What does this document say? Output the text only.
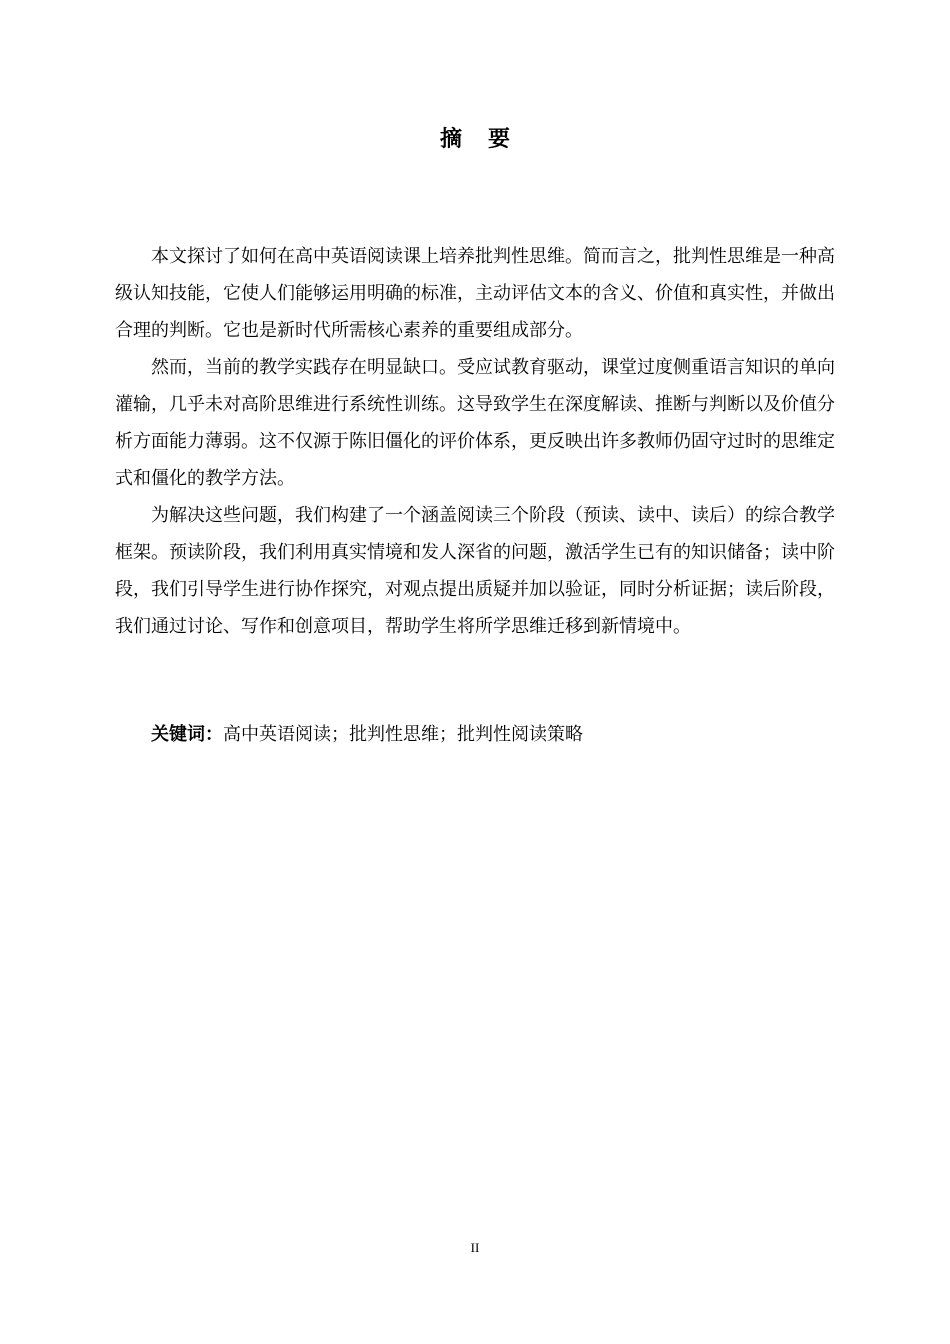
摘要

本文探讨了如何在高中英语阅读课上培养批判性思维。简而言之，批判性思维是一种高级认知技能，它使人们能够运用明确的标准，主动评估文本的含义、价值和真实性，并做出合理的判断。它也是新时代所需核心素养的重要组成部分。

然而，当前的教学实践存在明显缺口。受应试教育驱动，课堂过度侧重语言知识的单向灌输，几乎未对高阶思维进行系统性训练。这导致学生在深度解读、推断与判断以及价值分析方面能力薄弱。这不仅源于陈旧僵化的评价体系，更反映出许多教师仍固守过时的思维定式和僵化的教学方法。

为解决这些问题，我们构建了一个涵盖阅读三个阶段（预读、读中、读后）的综合教学框架。预读阶段，我们利用真实情境和发人深省的问题，激活学生已有的知识储备；读中阶段，我们引导学生进行协作探究，对观点提出质疑并加以验证，同时分析证据；读后阶段，我们通过讨论、写作和创意项目，帮助学生将所学思维迁移到新情境中。

关键词：高中英语阅读；批判性思维；批判性阅读策略
II
